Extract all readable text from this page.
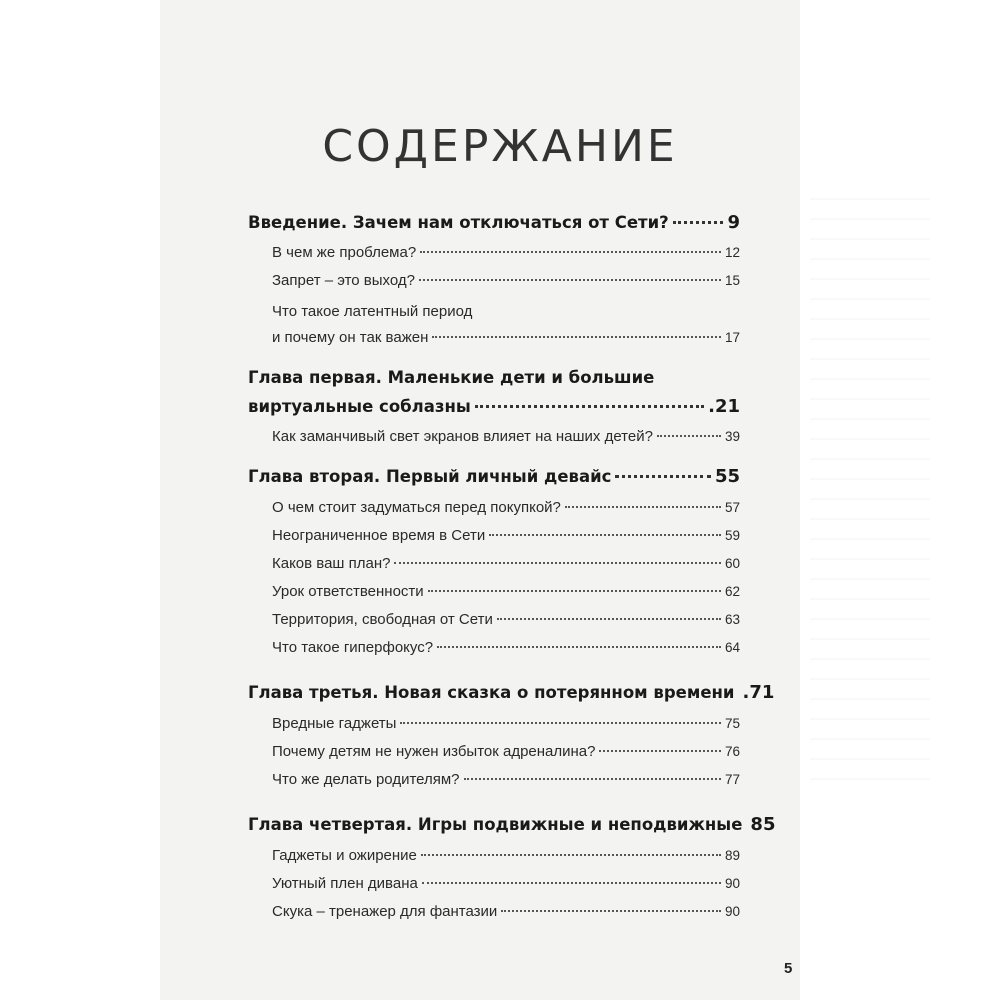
СОДЕРЖАНИЕ
Введение. Зачем нам отключаться от Сети?	9
В чем же проблема?	12
Запрет – это выход?	15
Что такое латентный период
и почему он так важен	17
Глава первая. Маленькие дети и большие
виртуальные соблазны	.21
Как заманчивый свет экранов влияет на наших детей?	39
Глава вторая. Первый личный девайс	55
О чем стоит задуматься перед покупкой?	57
Неограниченное время в Сети	59
Каков ваш план?	60
Урок ответственности	62
Территория, свободная от Сети	63
Что такое гиперфокус?	64
Глава третья. Новая сказка о потерянном времени .71
Вредные гаджеты	75
Почему детям не нужен избыток адреналина?	76
Что же делать родителям?	77
Глава четвертая. Игры подвижные и неподвижные 85
Гаджеты и ожирение	89
Уютный плен дивана	90
Скука – тренажер для фантазии	90
5
